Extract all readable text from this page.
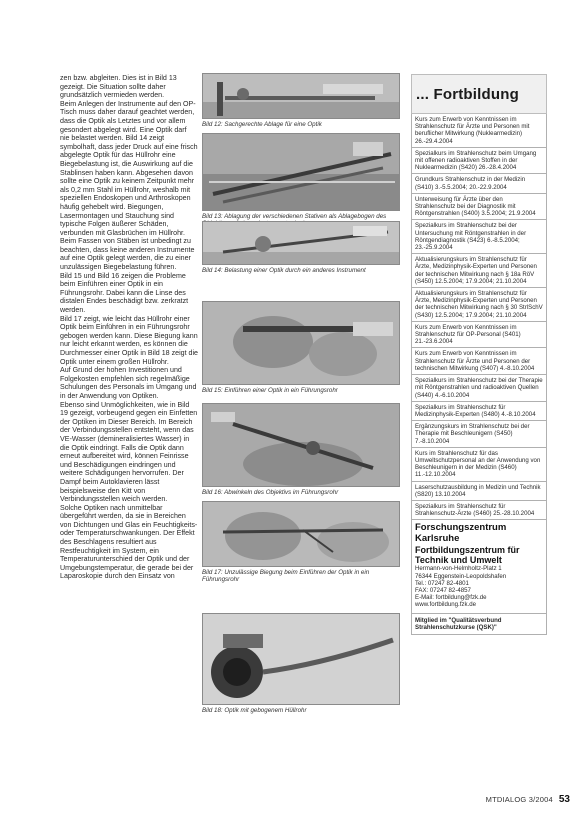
zen bzw. abgleiten. Dies ist in Bild 13 gezeigt. Die Situation sollte daher grundsätzlich vermieden werden.

Beim Anlegen der Instrumente auf den OP-Tisch muss daher darauf geachtet werden, dass die Optik als Letztes und vor allem gesondert abgelegt wird. Eine Optik darf nie belastet werden. Bild 14 zeigt symbolhaft, dass jeder Druck auf eine frisch abgelegte Optik für das Hüllrohr eine Biegebelastung ist, die Auswirkung auf die Stablinsen haben kann. Abgesehen davon sollte eine Optik zu keinem Zeitpunkt mehr als 0,2 mm Stahl im Hüllrohr, weshalb mit speziellen Endoskopen und Arthroskopen häufig gehebelt wird. Biegungen, Lasermontagen und Stauchung sind typische Folgen äußerer Schäden, verbunden mit Glasbrüchen im Hüllrohr. Beim Fassen von Stäben ist unbedingt zu beachten, dass keine anderen Instrumente auf eine Optik gelegt werden, die zu einer unzulässigen Biegebelastung führen.

Bild 15 und Bild 16 zeigen die Probleme beim Einführen einer Optik in ein Führungsrohr. Dabei kann die Linse des distalen Endes beschädigt bzw. zerkratzt werden.

Bild 17 zeigt, wie leicht das Hüllrohr einer Optik beim Einführen in ein Führungsrohr gebogen werden kann. Diese Biegung kann nur leicht erkannt werden, es können die Durchmesser einer Optik in Bild 18 zeigt die Optik unter einem großen Hüllrohr.

Auf Grund der hohen Investitionen und Folgekosten empfehlen sich regelmäßige Schulungen des Personals im Umgang und in der Anwendung von Optiken.

Ebenso sind Unmöglichkeiten, wie in Bild 19 gezeigt, vorbeugend gegen ein Einfetten der Optiken im Dieser Bereich. Im Bereich der Verbindungsstellen entsteht, wenn das VE-Wasser (demineralisiertes Wasser) in die Optik eindringt. Falls die Optik dann erneut aufbereitet wird, können Feinrisse und Beschädigungen eindringen und weitere Schädigungen hervorrufen. Der Dampf beim Autoklavieren lässt beispielsweise den Kitt von Verbindungsstellen weich werden.

Solche Optiken nach unmittelbar übergeführt werden, da sie in Bereichen von Dichtungen und Glas ein Feuchtigkeits- oder Temperaturschwankungen. Der Effekt des Beschlagens resultiert aus Restfeuchtigkeit im System, ein Temperaturunterschied der Optik und der Umgebungstemperatur, die gerade bei der Laparoskopie durch den Einsatz von

Bild 12: Sachgerechte Ablage für eine Optik
Bild 13: Ablagung der verschiedenen Stativen als Ablagebogen des
Bild 14: Belastung einer Optik durch ein anderes Instrument
Bild 15: Einführen einer Optik in ein Führungsrohr
Bild 16: Abwinkeln des Objektivs im Führungsrohr
Bild 17: Unzulässige Biegung beim Einführen der Optik in ein Führungsrohr
Bild 18: Optik mit gebogenem Hüllrohr
... Fortbildung
Kurs zum Erwerb von Kenntnissen im Strahlenschutz für Ärzte und Personen mit beruflicher Mitwirkung (Nuklearmedizin) 26.-29.4.2004
Spezialkurs im Strahlenschutz beim Umgang mit offenen radioaktiven Stoffen in der Nuklearmedizin (S420) 26.-28.4.2004
Grundkurs Strahlenschutz in der Medizin (S410) 3.-5.5.2004; 20.-22.9.2004
Unterweisung für Ärzte über den Strahlenschutz bei der Diagnostik mit Röntgenstrahlen (S400) 3.5.2004; 21.9.2004
Spezialkurs im Strahlenschutz bei der Untersuchung mit Röntgenstrahlen in der Röntgendiagnostik (S423) 6.-8.5.2004; 23.-25.9.2004
Aktualisierungskurs im Strahlenschutz für Ärzte, Medizinphysik-Experten und Personen der technischen Mitwirkung nach § 18a RöV (S450) 12.5.2004; 17.9.2004; 21.10.2004
Aktualisierungskurs im Strahlenschutz für Ärzte, Medizinphysik-Experten und Personen der technischen Mitwirkung nach § 30 StrlSchV (S430) 12.5.2004; 17.9.2004; 21.10.2004
Kurs zum Erwerb von Kenntnissen im Strahlenschutz für OP-Personal (S401) 21.-23.6.2004
Kurs zum Erwerb von Kenntnissen im Strahlenschutz für Ärzte und Personen der technischen Mitwirkung (S407) 4.-8.10.2004
Spezialkurs im Strahlenschutz bei der Therapie mit Röntgenstrahlen und radioaktiven Quellen (S440) 4.-6.10.2004
Spezialkurs im Strahlenschutz für Medizinphysik-Experten (S480) 4.-8.10.2004
Ergänzungskurs im Strahlenschutz bei der Therapie mit Beschleunigern (S450) 7.-8.10.2004
Kurs im Strahlenschutz für das Umweltschutzpersonal an der Anwendung von Beschleunigern in der Medizin (S460) 11.-12.10.2004
Laserschutzausbildung in Medizin und Technik (S820) 13.10.2004
Spezialkurs im Strahlenschutz für Strahlenschutz-Ärzte (S460) 25.-28.10.2004
Forschungszentrum Karlsruhe
Fortbildungszentrum für Technik und Umwelt
Hermann-von-Helmholtz-Platz 1
76344 Eggenstein-Leopoldshafen
Tel.: 07247 82-4801
FAX: 07247 82-4857
E-Mail: fortbildung@fzk.de
www.fortbildung.fzk.de
Mitglied im "Qualitätsverbund Strahlenschutzkurse (QSK)"
MTDIALOG 3/2004 53
